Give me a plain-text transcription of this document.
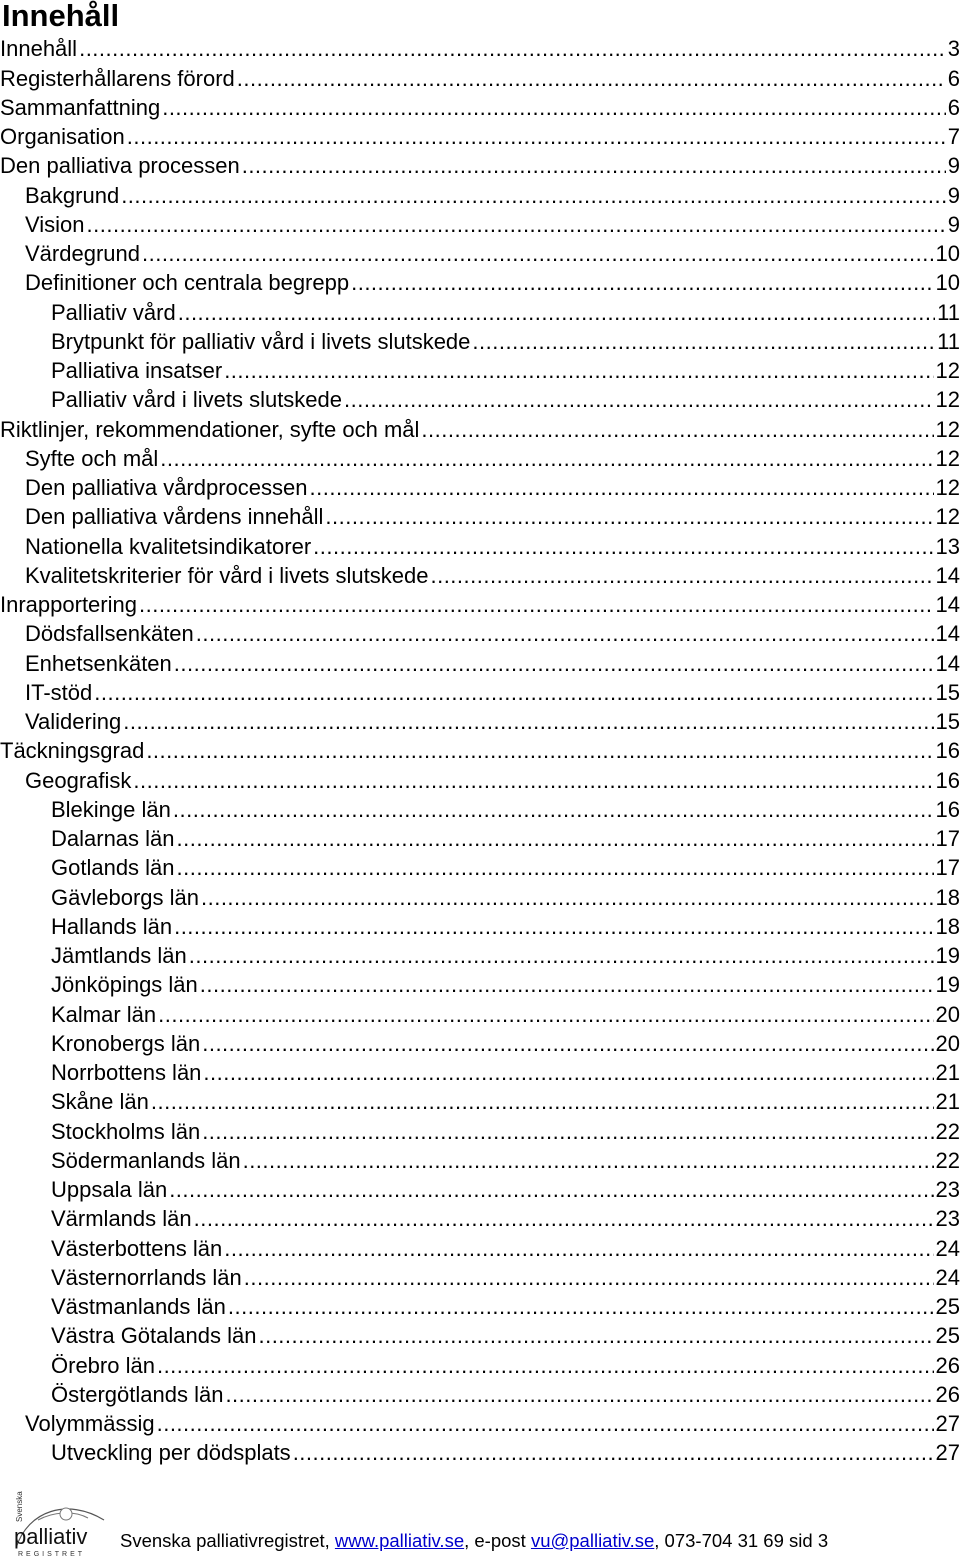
Innehåll
Innehåll .....	3
Registerhållarens förord .....	6
Sammanfattning .....	6
Organisation .....	7
Den palliativa processen .....	9
Bakgrund .....	9
Vision .....	9
Värdegrund .....	10
Definitioner och centrala begrepp .....	10
Palliativ vård .....	11
Brytpunkt för palliativ vård i livets slutskede .....	11
Palliativa insatser .....	12
Palliativ vård i livets slutskede .....	12
Riktlinjer, rekommendationer, syfte och mål .....	12
Syfte och mål .....	12
Den palliativa vårdprocessen .....	12
Den palliativa vårdens innehåll .....	12
Nationella kvalitetsindikatorer .....	13
Kvalitetskriterier för vård i livets slutskede .....	14
Inrapportering .....	14
Dödsfallsenkäten .....	14
Enhetsenkäten .....	14
IT-stöd .....	15
Validering .....	15
Täckningsgrad .....	16
Geografisk .....	16
Blekinge län .....	16
Dalarnas län .....	17
Gotlands län .....	17
Gävleborgs län .....	18
Hallands län .....	18
Jämtlands län .....	19
Jönköpings län .....	19
Kalmar län .....	20
Kronobergs län .....	20
Norrbottens län .....	21
Skåne län .....	21
Stockholms län .....	22
Södermanlands län .....	22
Uppsala län .....	23
Värmlands län .....	23
Västerbottens län .....	24
Västernorrlands län .....	24
Västmanlands län .....	25
Västra Götalands län .....	25
Örebro län .....	26
Östergötlands län .....	26
Volymmässig .....	27
Utveckling per dödsplats .....	27
Svenska
palliativ
REGISTRET
Svenska palliativregistret, www.palliativ.se, e-post vu@palliativ.se, 073-704 31 69 sid 3
